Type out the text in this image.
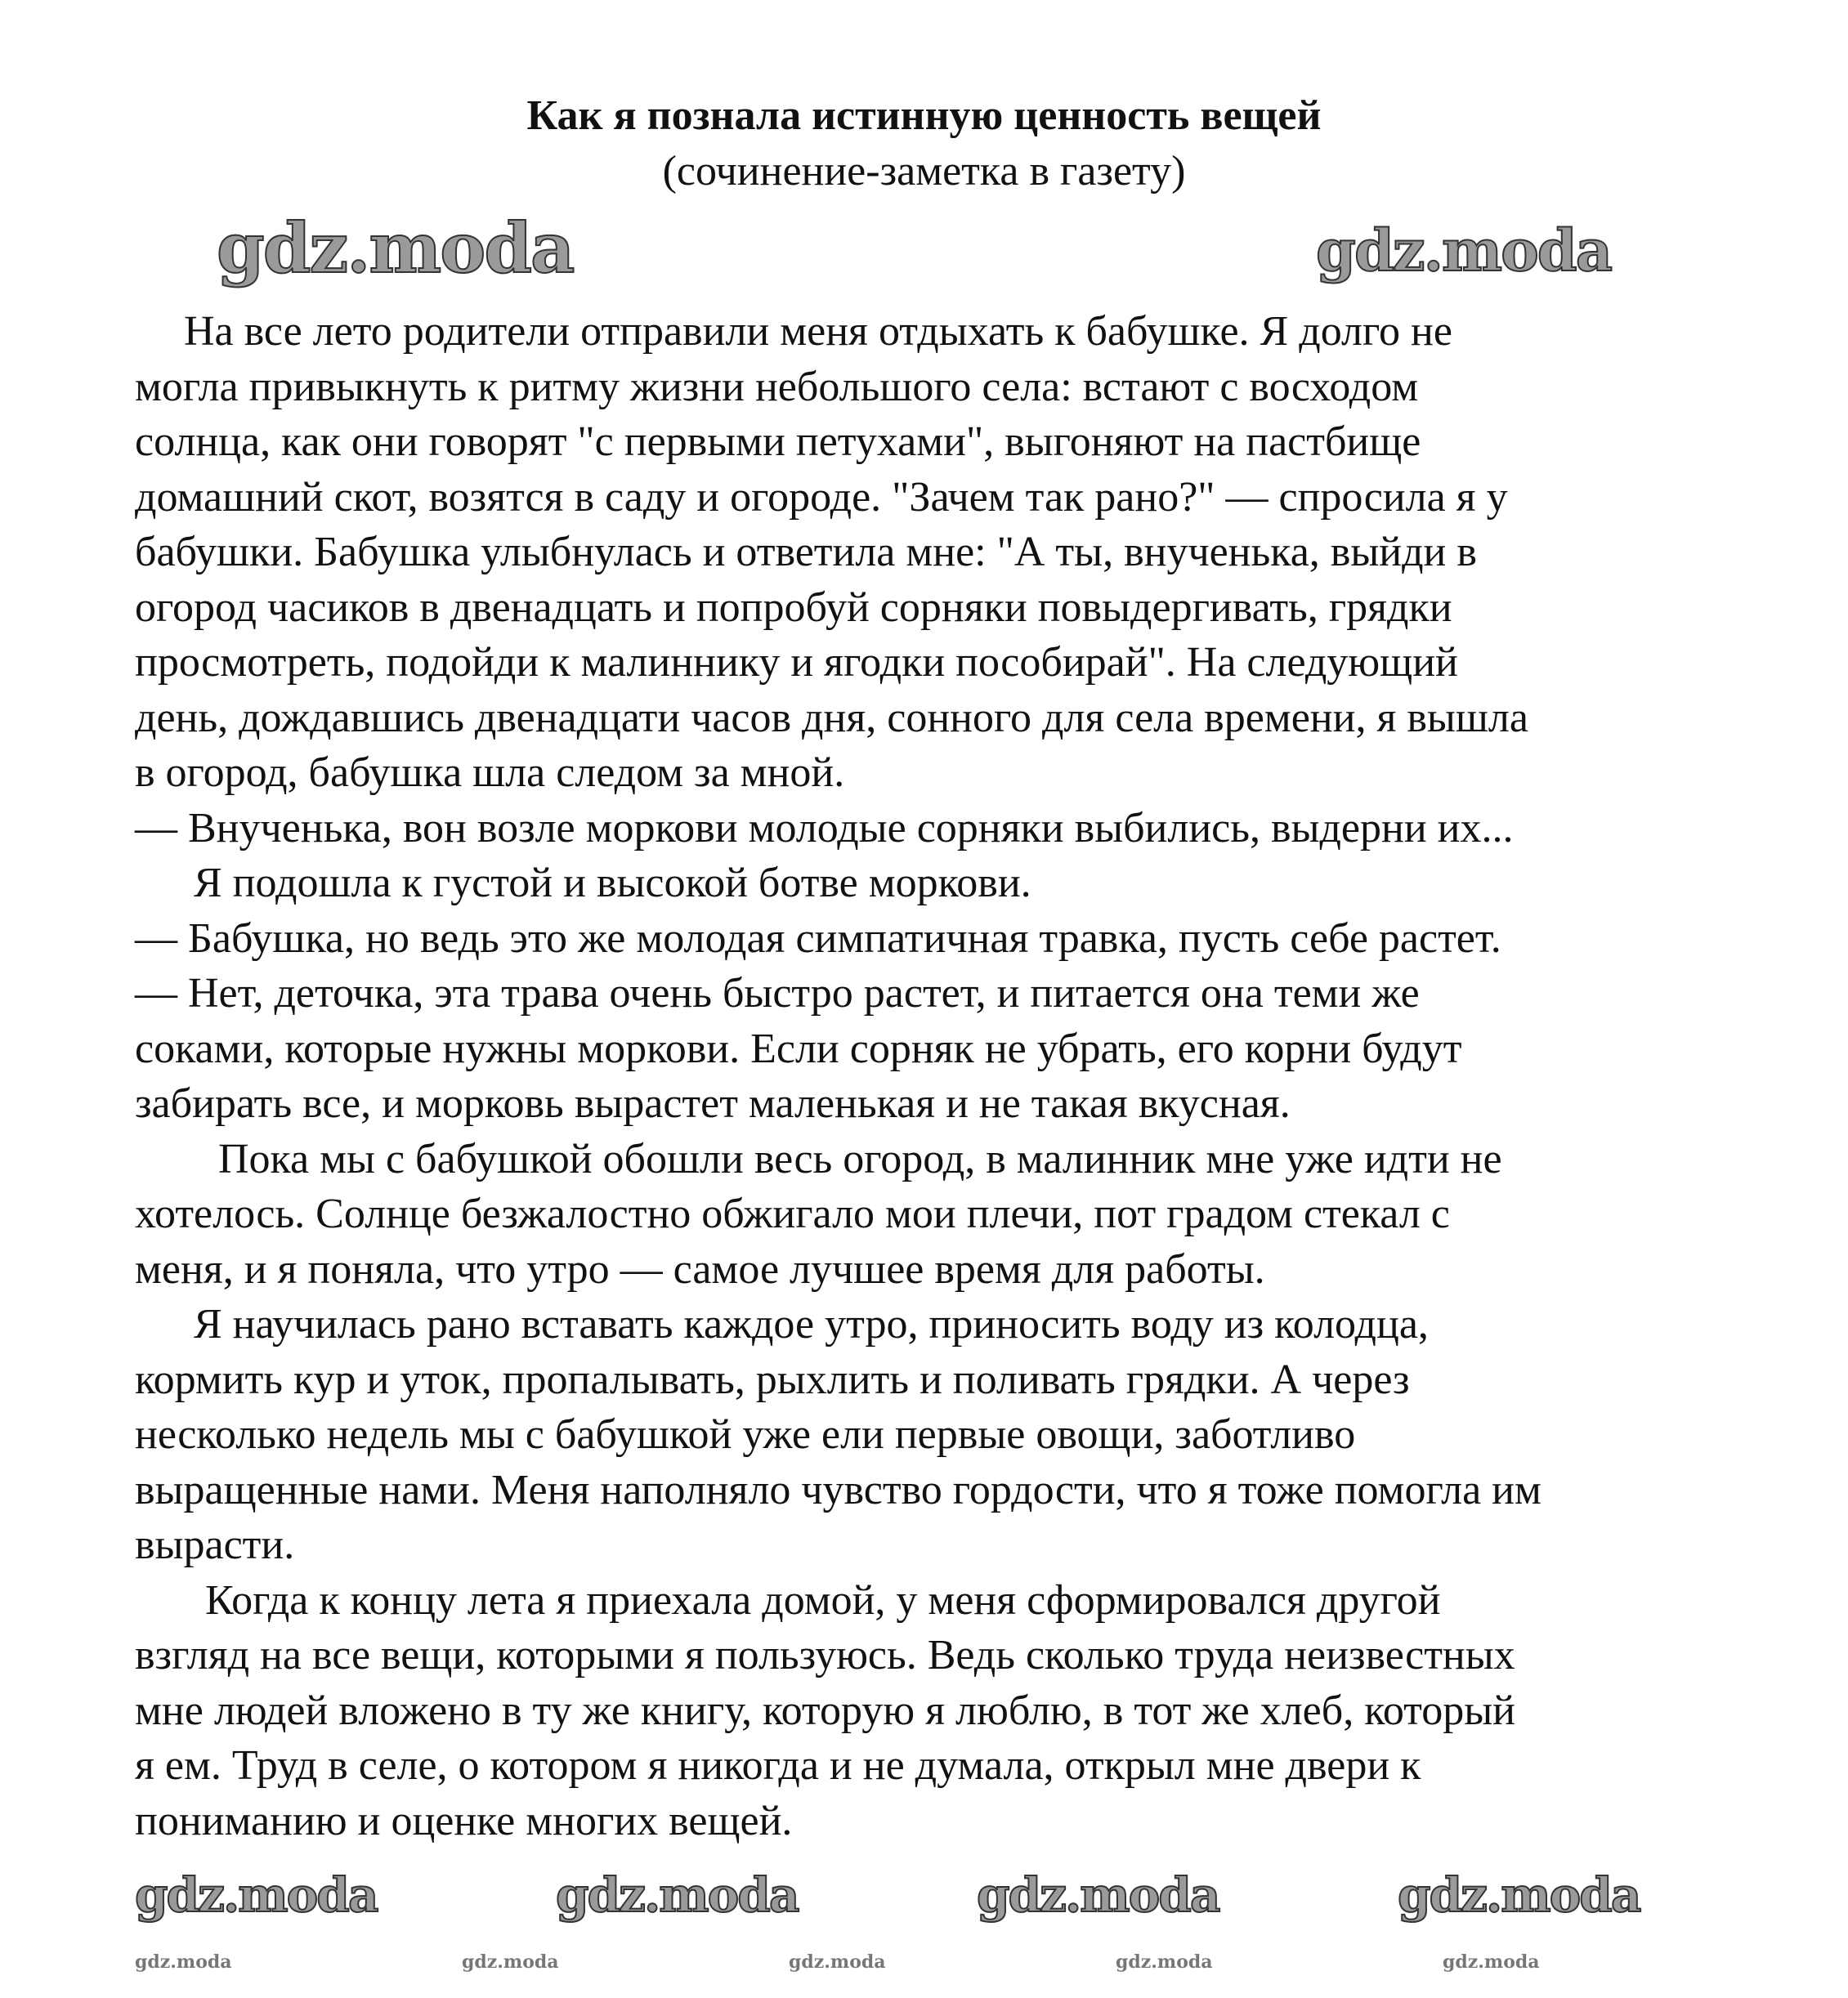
Как я познала истинную ценность вещей
(сочинение-заметка в газету)
На все лето родители отправили меня отдыхать к бабушке. Я долго не
могла привыкнуть к ритму жизни небольшого села: встают с восходом
солнца, как они говорят "с первыми петухами", выгоняют на пастбище
домашний скот, возятся в саду и огороде. "Зачем так рано?" — спросила я у
бабушки. Бабушка улыбнулась и ответила мне: "А ты, внученька, выйди в
огород часиков в двенадцать и попробуй сорняки повыдергивать, грядки
просмотреть, подойди к малиннику и ягодки пособирай". На следующий
день, дождавшись двенадцати часов дня, сонного для села времени, я вышла
в огород, бабушка шла следом за мной.
— Внученька, вон возле моркови молодые сорняки выбились, выдерни их...
Я подошла к густой и высокой ботве моркови.
— Бабушка, но ведь это же молодая симпатичная травка, пусть себе растет.
— Нет, деточка, эта трава очень быстро растет, и питается она теми же
соками, которые нужны моркови. Если сорняк не убрать, его корни будут
забирать все, и морковь вырастет маленькая и не такая вкусная.
Пока мы с бабушкой обошли весь огород, в малинник мне уже идти не
хотелось. Солнце безжалостно обжигало мои плечи, пот градом стекал с
меня, и я поняла, что утро — самое лучшее время для работы.
Я научилась рано вставать каждое утро, приносить воду из колодца,
кормить кур и уток, пропалывать, рыхлить и поливать грядки. А через
несколько недель мы с бабушкой уже ели первые овощи, заботливо
выращенные нами. Меня наполняло чувство гордости, что я тоже помогла им
вырасти.
Когда к концу лета я приехала домой, у меня сформировался другой
взгляд на все вещи, которыми я пользуюсь. Ведь сколько труда неизвестных
мне людей вложено в ту же книгу, которую я люблю, в тот же хлеб, который
я ем. Труд в селе, о котором я никогда и не думала, открыл мне двери к
пониманию и оценке многих вещей.
gdz.moda	gdz.moda
gdz.moda	gdz.moda	gdz.moda	gdz.moda
gdz.moda	gdz.moda	gdz.moda	gdz.moda	gdz.moda
